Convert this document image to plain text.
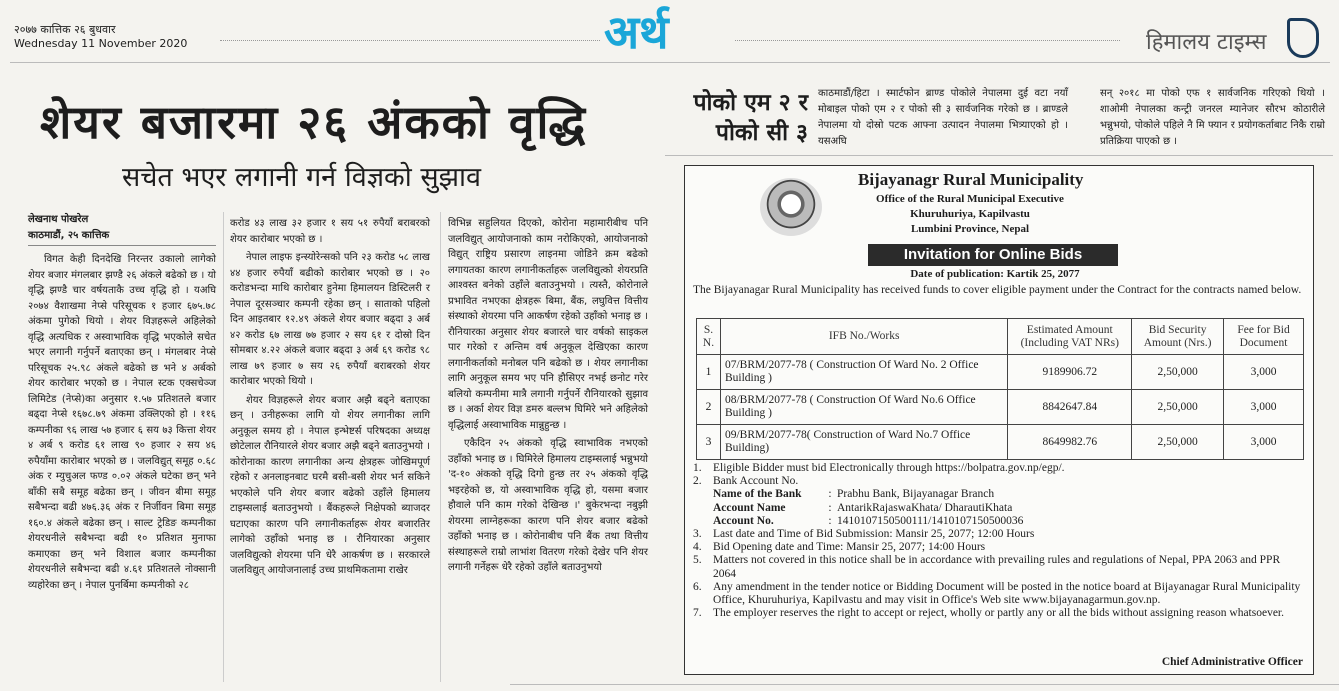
२०७७ कात्तिक २६ बुधवार
Wednesday 11 November 2020	अर्थ	हिमालय टाइम्स
शेयर बजारमा २६ अंकको वृद्धि
सचेत भएर लगानी गर्न विज्ञको सुझाव

लेखनाथ पोखरेल

काठमाडौं, २५ कात्तिक

विगत केही दिनदेखि निरन्तर उकालो लागेको शेयर बजार मंगलबार झण्डै २६ अंकले बढेको छ । यो वृद्धि झण्डै चार वर्षयताकै उच्च वृद्धि हो । यअघि २०७४ वैशाखमा नेप्से परिसूचक १ हजार ६७५.७८ अंकमा पुगेको थियो । शेयर विज्ञहरूले अहिलेको वृद्धि अत्यधिक र अस्वाभाविक वृद्धि भएकोले सचेत भएर लगानी गर्नुपर्ने बताएका छन् । मंगलबार नेप्से परिसूचक २५.९८ अंकले बढेको छ भने ४ अर्बको शेयर कारोबार भएको छ । नेपाल स्टक एक्सचेञ्ज लिमिटेड (नेप्से)का अनुसार १.५७ प्रतिशतले बजार बढ्दा नेप्से १६७८.७९ अंकमा उक्लिएको हो । ११६ कम्पनीका ९६ लाख ५७ हजार ६ सय ७३ कित्ता शेयर ४ अर्ब ९ करोड ६१ लाख ९० हजार २ सय ४६ रुपैयाँमा कारोबार भएको छ । जलविद्युत् समूह ०.६८ अंक र म्युचुअल फण्ड ०.०२ अंकले घटेका छन् भने बाँकी सबै समूह बढेका छन् । जीवन बीमा समूह सबैभन्दा बढी ४७६.३६ अंक र निर्जीवन बिमा समूह १६०.४ अंकले बढेका छन् । साल्ट ट्रेडिङ कम्पनीका शेयरधनीले सबैभन्दा बढी १० प्रतिशत मुनाफा कमाएका छन् भने विशाल बजार कम्पनीका शेयरधनीले सबैभन्दा बढी ४.६१ प्रतिशतले नोक्सानी व्यहोरेका छन् । नेपाल पुनर्बिमा कम्पनीको २८

करोड ४३ लाख ३२ हजार १ सय ५१ रुपैयाँ बराबरको शेयर कारोबार भएको छ ।

नेपाल लाइफ इन्स्योरेन्सको पनि २३ करोड ५८ लाख ४४ हजार रुपैयाँ बढीको कारोबार भएको छ । २० करोडभन्दा माथि कारोबार हुनेमा हिमालयन डिस्टिलरी र नेपाल दूरसञ्चार कम्पनी रहेका छन् । साताको पहिलो दिन आइतबार १२.४९ अंकले शेयर बजार बढ्दा ३ अर्ब ४२ करोड ६७ लाख ७७ हजार २ सय ६१ र दोस्रो दिन सोमबार ४.२२ अंकले बजार बढ्दा ३ अर्ब ६९ करोड ९८ लाख ७९ हजार ७ सय २६ रुपैयाँ बराबरको शेयर कारोबार भएको थियो ।

शेयर विज्ञहरूले शेयर बजार अझै बढ्ने बताएका छन् । उनीहरूका लागि यो शेयर लगानीका लागि अनुकूल समय हो । नेपाल इन्भेष्टर्स परिषदका अध्यक्ष छोटेलाल रौनियारले शेयर बजार अझै बढ्ने बताउनुभयो । कोरोनाका कारण लगानीका अन्य क्षेत्रहरू जोखिमपूर्ण रहेको र अनलाइनबाट घरमै बसी-बसी शेयर भर्न सकिने भएकोले पनि शेयर बजार बढेको उहाँले हिमालय टाइम्सलाई बताउनुभयो । बैंकहरूले निक्षेपको ब्याजदर घटाएका कारण पनि लगानीकर्ताहरू शेयर बजारतिर लागेको उहाँको भनाइ छ । रौनियारका अनुसार जलविद्युत्को शेयरमा पनि धेरै आकर्षण छ । सरकारले जलविद्युत् आयोजनालाई उच्च प्राथमिकतामा राखेर

विभिन्न सहुलियत दिएको, कोरोना महामारीबीच पनि जलविद्युत् आयोजनाको काम नरोकिएको, आयोजनाको विद्युत् राष्ट्रिय प्रसारण लाइनमा जोडिने क्रम बढेको लगायतका कारण लगानीकर्ताहरू जलविद्युत्को शेयरप्रति आश्वस्त बनेको उहाँले बताउनुभयो । त्यस्तै, कोरोनाले प्रभावित नभएका क्षेत्रहरू बिमा, बैंक, लघुवित्त वित्तीय संस्थाको शेयरमा पनि आकर्षण रहेको उहाँको भनाइ छ । रौनियारका अनुसार शेयर बजारले चार वर्षको साइकल पार गरेको र अन्तिम वर्ष अनुकूल देखिएका कारण लगानीकर्ताको मनोबल पनि बढेको छ । शेयर लगानीका लागि अनुकूल समय भए पनि हौसिएर नभई छनोट गरेर बलियो कम्पनीमा मात्रै लगानी गर्नुपर्ने रौनियारको सुझाव छ । अर्का शेयर विज्ञ डमरु बल्लभ घिमिरे भने अहिलेको वृद्धिलाई अस्वाभाविक मान्नुहुन्छ ।

एकैदिन २५ अंकको वृद्धि स्वाभाविक नभएको उहाँको भनाइ छ । घिमिरेले हिमालय टाइम्सलाई भन्नुभयो 'द-१० अंकको वृद्धि दिगो हुन्छ तर २५ अंकको वृद्धि भइरहेको छ, यो अस्वाभाविक वृद्धि हो, यसमा बजार हौवाले पनि काम गरेको देखिन्छ ।' बुकेरभन्दा नबुझी शेयरमा लाग्नेहरूका कारण पनि शेयर बजार बढेको उहाँको भनाइ छ । कोरोनाबीच पनि बैंक तथा वित्तीय संस्थाहरूले राम्रो लाभांश वितरण गरेको देखेर पनि शेयर लगानी गर्नेहरू धेरै रहेको उहाँले बताउनुभयो

पोको एम २ र पोको सी ३
काठमाडौं/हिटा । स्मार्टफोन ब्राण्ड पोकोले नेपालमा दुई वटा नयाँ मोबाइल पोको एम २ र पोको सी ३ सार्वजनिक गरेको छ । ब्राण्डले नेपालमा यो दोस्रो पटक आफ्ना उत्पादन नेपालमा भित्र्याएको हो । यसअघि
सन् २०१८ मा पोको एफ १ सार्वजनिक गरिएको थियो । शाओमी नेपालका कन्ट्री जनरल म्यानेजर सौरभ कोठारीले भन्नुभयो, पोकोले पहिले नै मि फ्यान र प्रयोगकर्ताबाट निकै राम्रो प्रतिक्रिया पाएको छ ।
Bijayanagr Rural Municipality
Office of the Rural Municipal Executive
Khuruhuriya, Kapilvastu
Lumbini Province, Nepal
Invitation for Online Bids
Date of publication: Kartik 25, 2077
The Bijayanagar Rural Municipality has received funds to cover eligible payment under the Contract for the contracts named below.
S. N.	IFB No./Works	Estimated Amount (Including VAT NRs)	Bid Security Amount (Nrs.)	Fee for Bid Document
1	07/BRM/2077-78 ( Construction Of Ward No. 2 Office Building )	9189906.72	2,50,000	3,000
2	08/BRM/2077-78 ( Construction Of Ward No.6 Office Building )	8842647.84	2,50,000	3,000
3	09/BRM/2077-78( Construction of Ward No.7 Office Building)	8649982.76	2,50,000	3,000
1. Eligible Bidder must bid Electronically through https://bolpatra.gov.np/egp/.
2. Bank Account No.
Name of the Bank	: Prabhu Bank, Bijayanagar Branch
Account Name	: AntarikRajaswaKhata/ DharautiKhata
Account No.	: 1410107150500111/1410107150500036
3. Last date and Time of Bid Submission: Mansir 25, 2077; 12:00 Hours
4. Bid Opening date and Time: Mansir 25, 2077; 14:00 Hours
5. Matters not covered in this notice shall be in accordance with prevailing rules and regulations of Nepal, PPA 2063 and PPR 2064
6. Any amendment in the tender notice or Bidding Document will be posted in the notice board at Bijayanagar Rural Municipality Office, Khuruhuriya, Kapilvastu and may visit in Office's Web site www.bijayanagarmun.gov.np.
7. The employer reserves the right to accept or reject, wholly or partly any or all the bids without assigning reason whatsoever.
Chief Administrative Officer
